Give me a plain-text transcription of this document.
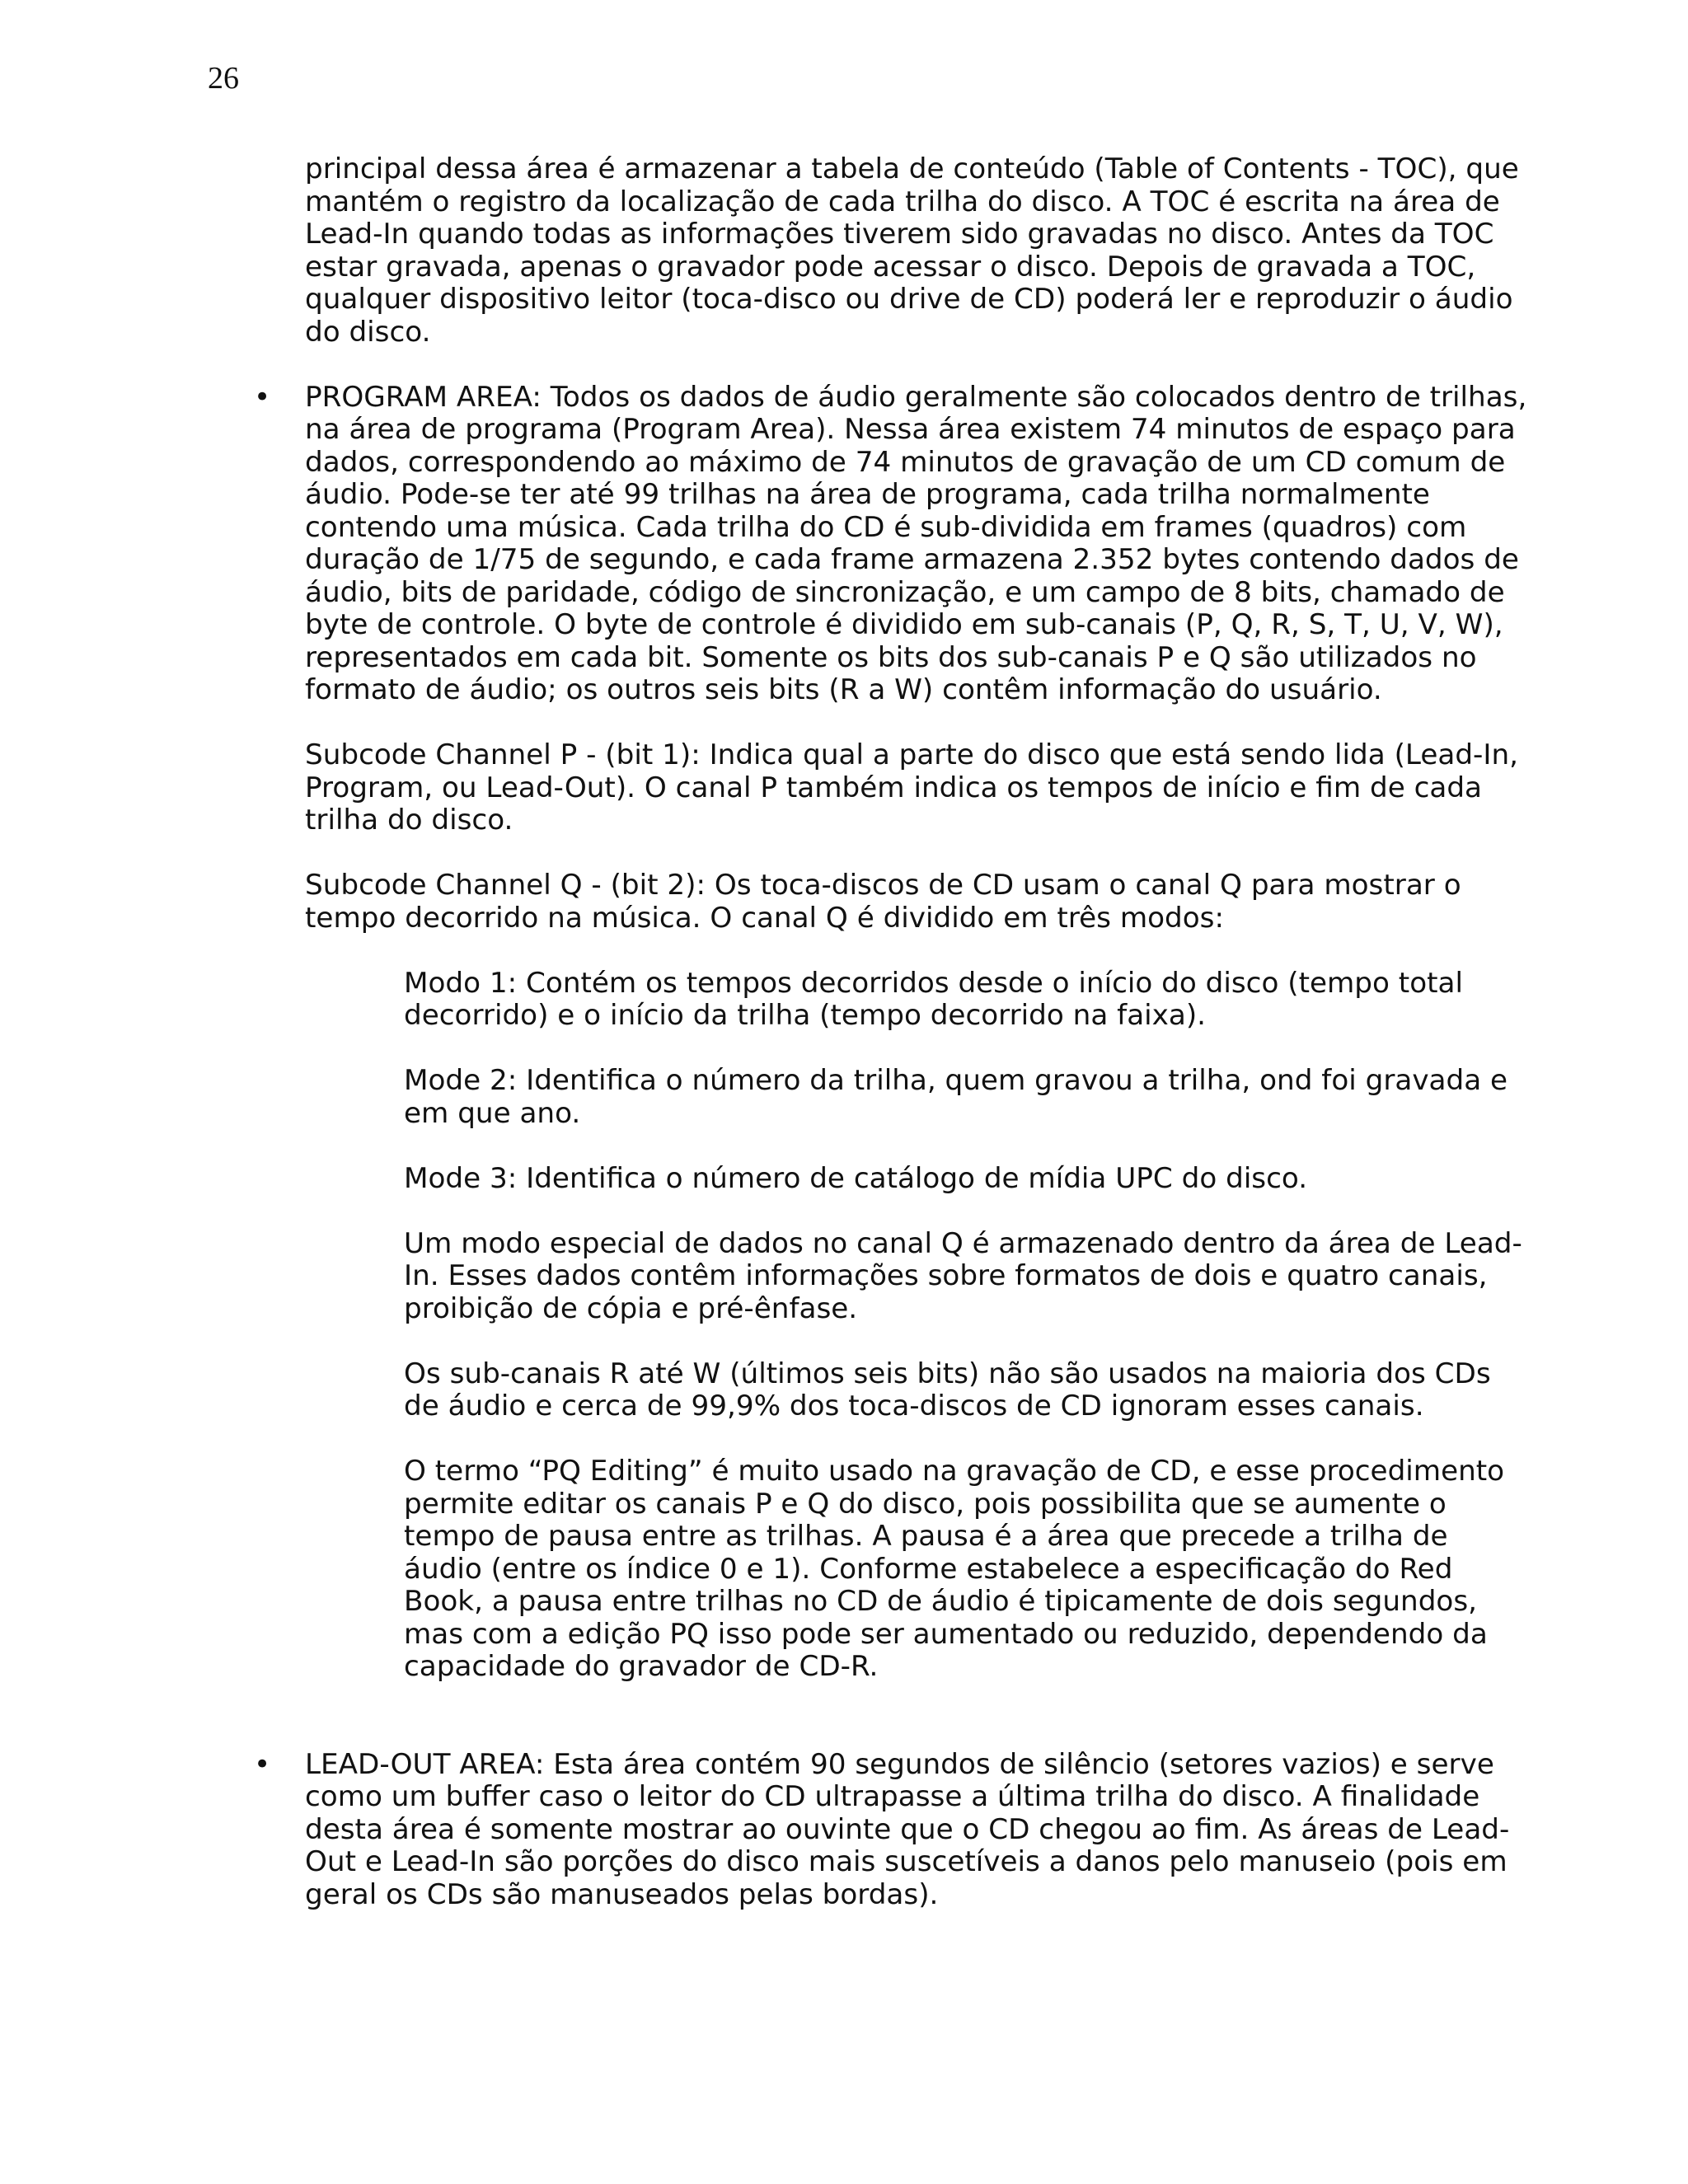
26

principal dessa área é armazenar a tabela de conteúdo (Table of Contents - TOC), que mantém o registro da localização de cada trilha do disco. A TOC é escrita na área de Lead-In quando todas as informações tiverem sido gravadas no disco. Antes da TOC estar gravada, apenas o gravador pode acessar o disco. Depois de gravada a TOC, qualquer dispositivo leitor (toca-disco ou drive de CD) poderá ler e reproduzir o áudio do disco.

• PROGRAM AREA: Todos os dados de áudio geralmente são colocados dentro de trilhas, na área de programa (Program Area). Nessa área existem 74 minutos de espaço para dados, correspondendo ao máximo de 74 minutos de gravação de um CD comum de áudio. Pode-se ter até 99 trilhas na área de programa, cada trilha normalmente contendo uma música. Cada trilha do CD é sub-dividida em frames (quadros) com duração de 1/75 de segundo, e cada frame armazena 2.352 bytes contendo dados de áudio, bits de paridade, código de sincronização, e um campo de 8 bits, chamado de byte de controle. O byte de controle é dividido em sub-canais (P, Q, R, S, T, U, V, W), representados em cada bit. Somente os bits dos sub-canais P e Q são utilizados no formato de áudio; os outros seis bits (R a W) contêm informação do usuário.

Subcode Channel P - (bit 1): Indica qual a parte do disco que está sendo lida (Lead-In, Program, ou Lead-Out). O canal P também indica os tempos de início e fim de cada trilha do disco.

Subcode Channel Q - (bit 2): Os toca-discos de CD usam o canal Q para mostrar o tempo decorrido na música. O canal Q é dividido em três modos:

Modo 1: Contém os tempos decorridos desde o início do disco (tempo total decorrido) e o início da trilha (tempo decorrido na faixa).

Mode 2: Identifica o número da trilha, quem gravou a trilha, ond foi gravada e em que ano.

Mode 3: Identifica o número de catálogo de mídia UPC do disco.

Um modo especial de dados no canal Q é armazenado dentro da área de Lead-In. Esses dados contêm informações sobre formatos de dois e quatro canais, proibição de cópia e pré-ênfase.

Os sub-canais R até W (últimos seis bits) não são usados na maioria dos CDs de áudio e cerca de 99,9% dos toca-discos de CD ignoram esses canais.

O termo “PQ Editing” é muito usado na gravação de CD, e esse procedimento permite editar os canais P e Q do disco, pois possibilita que se aumente o tempo de pausa entre as trilhas. A pausa é a área que precede a trilha de áudio (entre os índice 0 e 1). Conforme estabelece a especificação do Red Book, a pausa entre trilhas no CD de áudio é tipicamente de dois segundos, mas com a edição PQ isso pode ser aumentado ou reduzido, dependendo da capacidade do gravador de CD-R.

• LEAD-OUT AREA: Esta área contém 90 segundos de silêncio (setores vazios) e serve como um buffer caso o leitor do CD ultrapasse a última trilha do disco. A finalidade desta área é somente mostrar ao ouvinte que o CD chegou ao fim. As áreas de Lead-Out e Lead-In são porções do disco mais suscetíveis a danos pelo manuseio (pois em geral os CDs são manuseados pelas bordas).
